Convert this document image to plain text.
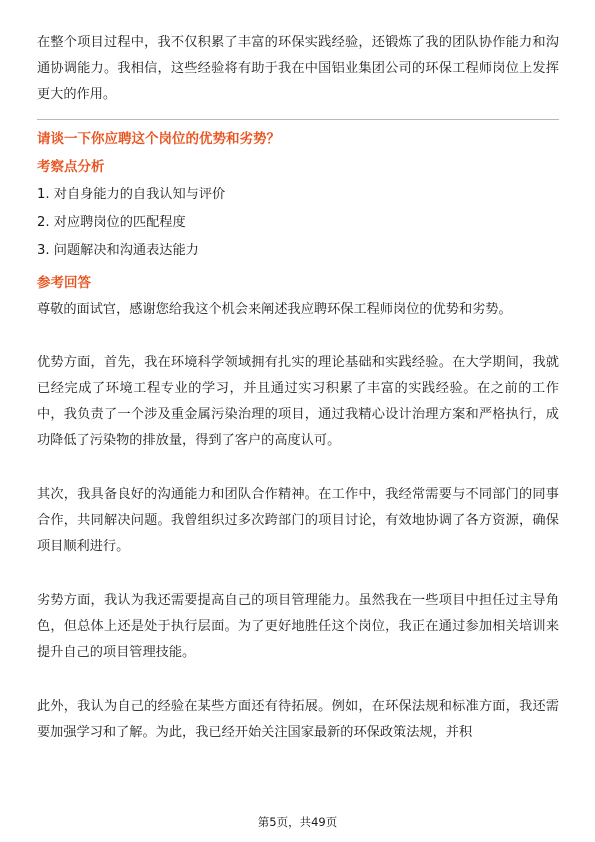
在整个项目过程中，我不仅积累了丰富的环保实践经验，还锻炼了我的团队协作能力和沟通协调能力。我相信，这些经验将有助于我在中国铝业集团公司的环保工程师岗位上发挥更大的作用。

请谈一下你应聘这个岗位的优势和劣势？

考察点分析

1. 对自身能力的自我认知与评价

2. 对应聘岗位的匹配程度

3. 问题解决和沟通表达能力

参考回答

尊敬的面试官，感谢您给我这个机会来阐述我应聘环保工程师岗位的优势和劣势。

优势方面，首先，我在环境科学领域拥有扎实的理论基础和实践经验。在大学期间，我就已经完成了环境工程专业的学习，并且通过实习积累了丰富的实践经验。在之前的工作中，我负责了一个涉及重金属污染治理的项目，通过我精心设计治理方案和严格执行，成功降低了污染物的排放量，得到了客户的高度认可。

其次，我具备良好的沟通能力和团队合作精神。在工作中，我经常需要与不同部门的同事合作，共同解决问题。我曾组织过多次跨部门的项目讨论，有效地协调了各方资源，确保项目顺利进行。

劣势方面，我认为我还需要提高自己的项目管理能力。虽然我在一些项目中担任过主导角色，但总体上还是处于执行层面。为了更好地胜任这个岗位，我正在通过参加相关培训来提升自己的项目管理技能。

此外，我认为自己的经验在某些方面还有待拓展。例如，在环保法规和标准方面，我还需要加强学习和了解。为此，我已经开始关注国家最新的环保政策法规，并积

第5页，共49页
